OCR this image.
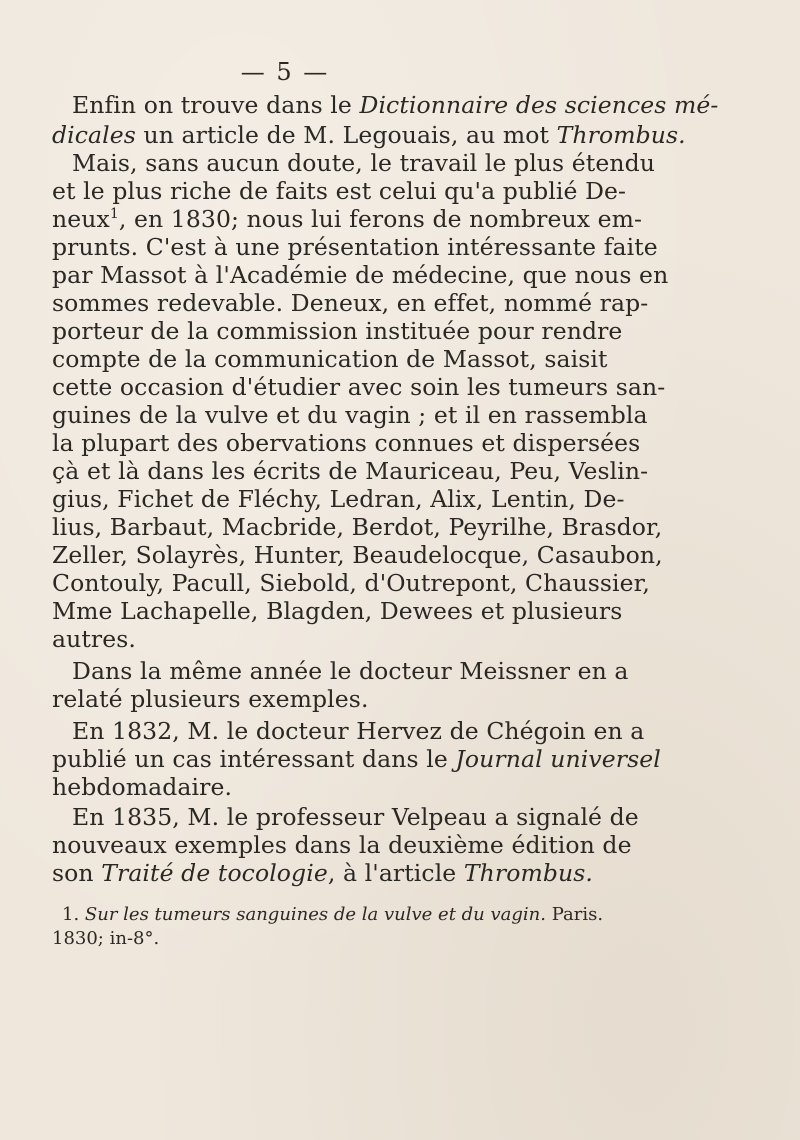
— 5 —
Enfin on trouve dans le Dictionnaire des sciences mé-
dicales un article de M. Legouais, au mot Thrombus.
Mais, sans aucun doute, le travail le plus étendu
et le plus riche de faits est celui qu'a publié De-
neux$^1$, en 1830; nous lui ferons de nombreux em-
prunts. C'est à une présentation intéressante faite
par Massot à l'Académie de médecine, que nous en
sommes redevable. Deneux, en effet, nommé rap-
porteur de la commission instituée pour rendre
compte de la communication de Massot, saisit
cette occasion d'étudier avec soin les tumeurs san-
guines de la vulve et du vagin ; et il en rassembla
la plupart des obervations connues et dispersées
çà et là dans les écrits de Mauriceau, Peu, Veslin-
gius, Fichet de Fléchy, Ledran, Alix, Lentin, De-
lius, Barbaut, Macbride, Berdot, Peyrilhe, Brasdor,
Zeller, Solayrès, Hunter, Beaudelocque, Casaubon,
Contouly, Pacull, Siebold, d'Outrepont, Chaussier,
Mme Lachapelle, Blagden, Dewees et plusieurs
autres.
Dans la même année le docteur Meissner en a
relaté plusieurs exemples.
En 1832, M. le docteur Hervez de Chégoin en a
publié un cas intéressant dans le Journal universel
hebdomadaire.
En 1835, M. le professeur Velpeau a signalé de
nouveaux exemples dans la deuxième édition de
son Traité de tocologie, à l'article Thrombus.
1. Sur les tumeurs sanguines de la vulve et du vagin. Paris.
1830; in-8°.
